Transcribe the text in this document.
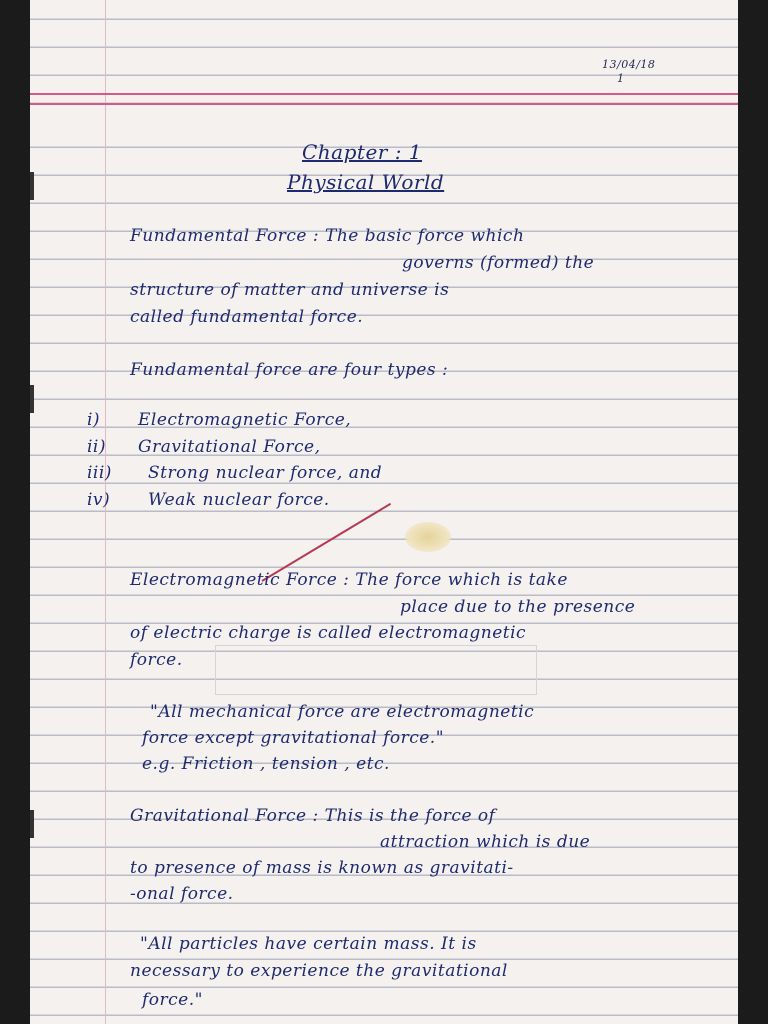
13/04/18
1
Chapter : 1
Physical World
Fundamental Force : The basic force which
governs (formed) the
structure of matter and universe is
called fundamental force.
Fundamental force are four types :
i) Electromagnetic Force,
ii) Gravitational Force,
iii) Strong nuclear force, and
iv) Weak nuclear force.
Electromagnetic Force : The force which is take
place due to the presence
of electric charge is called electromagnetic
force.
"All mechanical force are electromagnetic
force except gravitational force."
e.g. Friction , tension , etc.
Gravitational Force : This is the force of
attraction which is due
to presence of mass is known as gravitati-
-onal force.
"All particles have certain mass. It is
necessary to experience the gravitational
force."
